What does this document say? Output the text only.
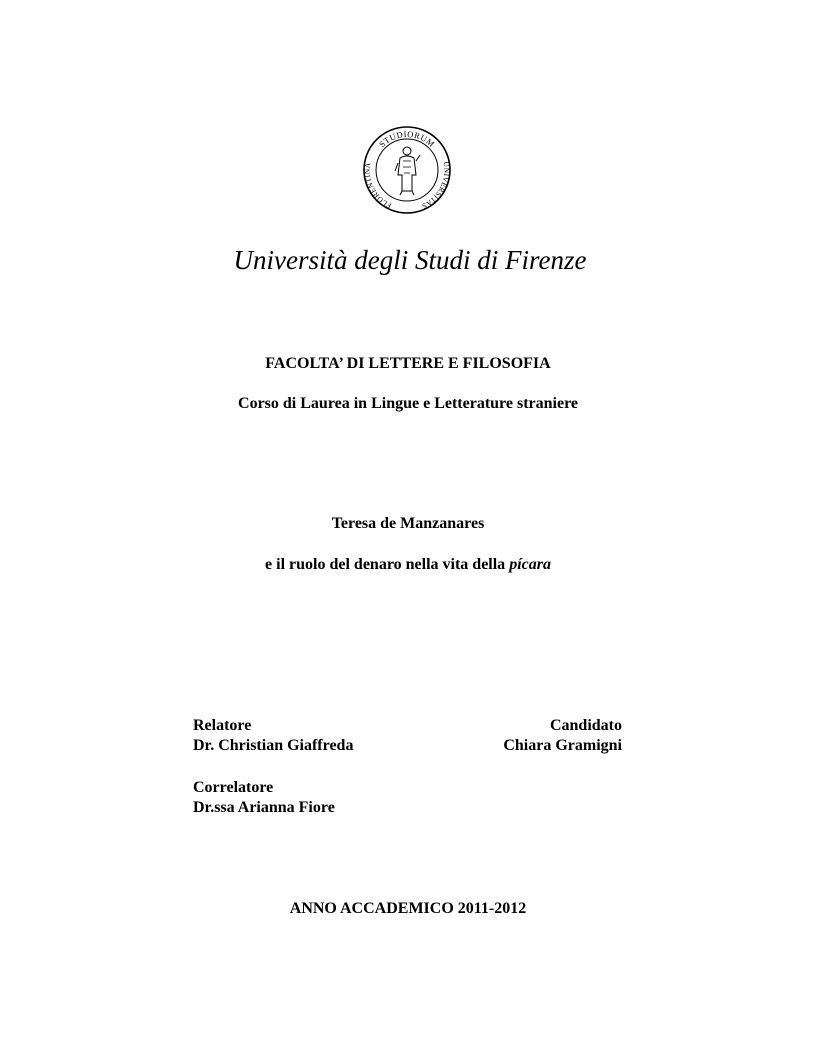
STUDIORUM
FLORENTINA	UNIVERSITAS
Università degli Studi di Firenze
FACOLTA’ DI LETTERE E FILOSOFIA
Corso di Laurea in Lingue e Letterature straniere
Teresa de Manzanares
e il ruolo del denaro nella vita della pícara
Relatore
Dr. Christian Giaffreda
Candidato
Chiara Gramigni
Correlatore
Dr.ssa Arianna Fiore
ANNO ACCADEMICO 2011-2012
